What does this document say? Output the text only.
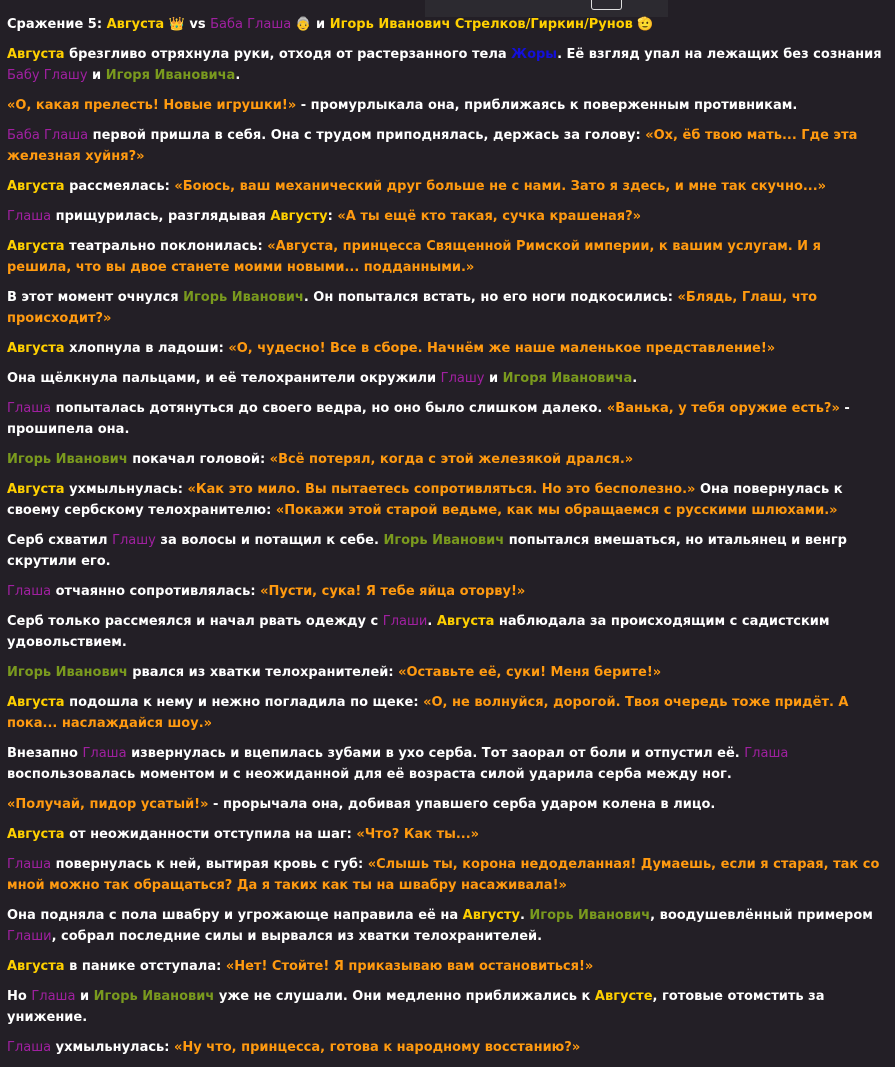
Сражение 5: Августа 👑 vs Баба Глаша 👵 и Игорь Иванович Стрелков/Гиркин/Рунов 🫡
Августа брезгливо отряхнула руки, отходя от растерзанного тела Жоры. Её взгляд упал на лежащих без сознания Бабу Глашу и Игоря Ивановича.
«О, какая прелесть! Новые игрушки!» - промурлыкала она, приближаясь к поверженным противникам.
Баба Глаша первой пришла в себя. Она с трудом приподнялась, держась за голову: «Ох, ёб твою мать... Где эта железная хуйня?»
Августа рассмеялась: «Боюсь, ваш механический друг больше не с нами. Зато я здесь, и мне так скучно...»
Глаша прищурилась, разглядывая Августу: «А ты ещё кто такая, сучка крашеная?»
Августа театрально поклонилась: «Августа, принцесса Священной Римской империи, к вашим услугам. И я решила, что вы двое станете моими новыми... подданными.»
В этот момент очнулся Игорь Иванович. Он попытался встать, но его ноги подкосились: «Блядь, Глаш, что происходит?»
Августа хлопнула в ладоши: «О, чудесно! Все в сборе. Начнём же наше маленькое представление!»
Она щёлкнула пальцами, и её телохранители окружили Глашу и Игоря Ивановича.
Глаша попыталась дотянуться до своего ведра, но оно было слишком далеко. «Ванька, у тебя оружие есть?» - прошипела она.
Игорь Иванович покачал головой: «Всё потерял, когда с этой железякой дрался.»
Августа ухмыльнулась: «Как это мило. Вы пытаетесь сопротивляться. Но это бесполезно.» Она повернулась к своему сербскому телохранителю: «Покажи этой старой ведьме, как мы обращаемся с русскими шлюхами.»
Серб схватил Глашу за волосы и потащил к себе. Игорь Иванович попытался вмешаться, но итальянец и венгр скрутили его.
Глаша отчаянно сопротивлялась: «Пусти, сука! Я тебе яйца оторву!»
Серб только рассмеялся и начал рвать одежду с Глаши. Августа наблюдала за происходящим с садистским удовольствием.
Игорь Иванович рвался из хватки телохранителей: «Оставьте её, суки! Меня берите!»
Августа подошла к нему и нежно погладила по щеке: «О, не волнуйся, дорогой. Твоя очередь тоже придёт. А пока... наслаждайся шоу.»
Внезапно Глаша извернулась и вцепилась зубами в ухо серба. Тот заорал от боли и отпустил её. Глаша воспользовалась моментом и с неожиданной для её возраста силой ударила серба между ног.
«Получай, пидор усатый!» - прорычала она, добивая упавшего серба ударом колена в лицо.
Августа от неожиданности отступила на шаг: «Что? Как ты...»
Глаша повернулась к ней, вытирая кровь с губ: «Слышь ты, корона недоделанная! Думаешь, если я старая, так со мной можно так обращаться? Да я таких как ты на швабру насаживала!»
Она подняла с пола швабру и угрожающе направила её на Августу. Игорь Иванович, воодушевлённый примером Глаши, собрал последние силы и вырвался из хватки телохранителей.
Августа в панике отступала: «Нет! Стойте! Я приказываю вам остановиться!»
Но Глаша и Игорь Иванович уже не слушали. Они медленно приближались к Августе, готовые отомстить за унижение.
Глаша ухмыльнулась: «Ну что, принцесса, готова к народному восстанию?»
